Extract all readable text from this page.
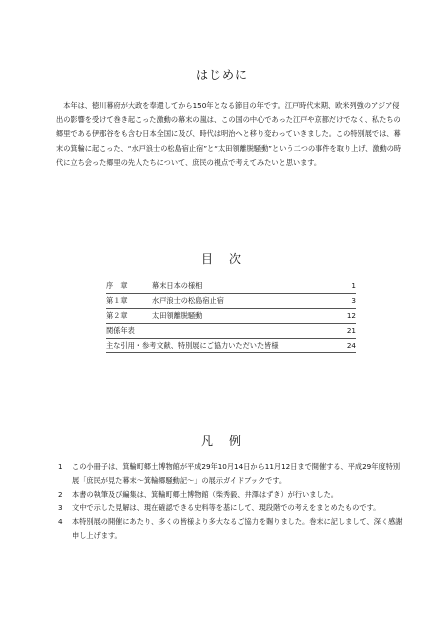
はじめに

本年は、徳川幕府が大政を奉還してから150年となる節目の年です。江戸時代末期、欧米列強のアジア侵出の影響を受けて巻き起こった激動の幕末の嵐は、この国の中心であった江戸や京都だけでなく、私たちの郷里である伊那谷をも含む日本全国に及び、時代は明治へと移り変わっていきました。この特別展では、幕末の箕輪に起こった、“水戸浪士の松島宿止宿”と“太田領離脱騒動”という二つの事件を取り上げ、激動の時代に立ち会った郷里の先人たちについて、庶民の視点で考えてみたいと思います。

目　次
序　章	幕末日本の様相	1
第１章	水戸浪士の松島宿止宿	3
第２章	太田領離脱騒動	12
関係年表	21
主な引用・参考文献、特別展にご協力いただいた皆様	24
凡　例
1 この小冊子は、箕輪町郷土博物館が平成29年10月14日から11月12日まで開催する、平成29年度特別展「庶民が見た幕末～箕輪郷騒動記～」の展示ガイドブックです。
2 本書の執筆及び編集は、箕輪町郷土博物館（柴秀毅、井澤はずき）が行いました。
3 文中で示した見解は、現在確認できる史料等を基にして、現段階での考えをまとめたものです。
4 本特別展の開催にあたり、多くの皆様より多大なるご協力を賜りました。巻末に記しまして、深く感謝申し上げます。
